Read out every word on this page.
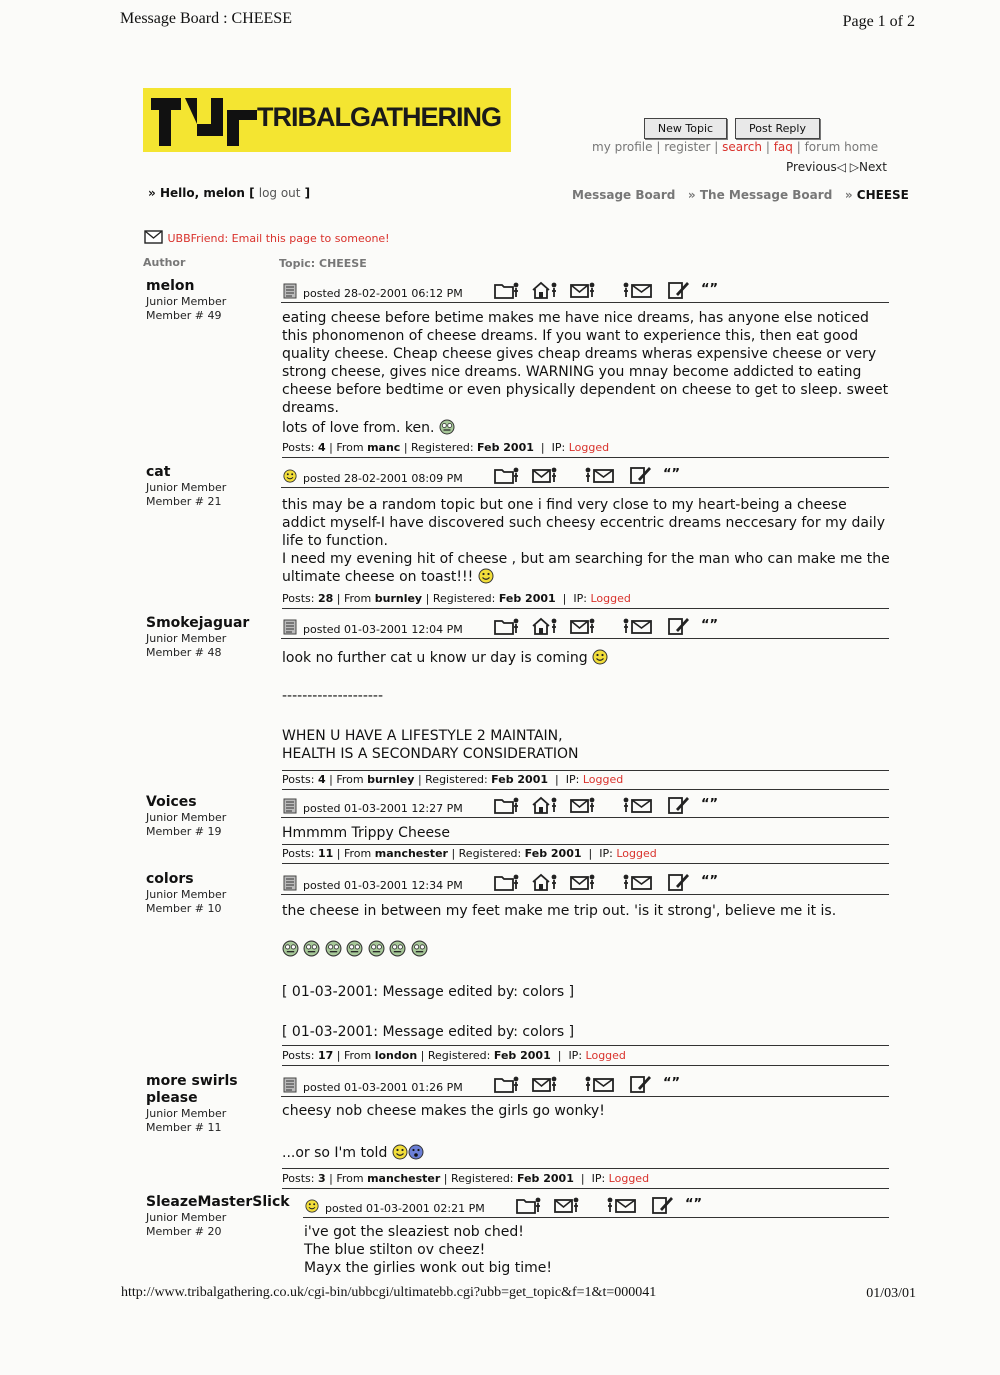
Message Board : CHEESE	Page 1 of 2
TRIBALGATHERING	New Topic	Post Reply
my profile | register | search | faq | forum home
Previous◁ ▷Next
» Hello, melon [ log out ]	Message Board » The Message Board » CHEESE
UBBFriend: Email this page to someone!
Author	Topic: CHEESE
melon
Junior Member
Member # 49
posted 28-02-2001 06:12 PM	“”

eating cheese before betime makes me have nice dreams, has anyone else noticed this phonomenon of cheese dreams. If you want to experience this, then eat good quality cheese. Cheap cheese gives cheap dreams wheras expensive cheese or very strong cheese, gives nice dreams. WARNING you mnay become addicted to eating cheese before bedtime or even physically dependent on cheese to get to sleep. sweet dreams.

lots of love from. ken.

Posts: 4 | From manc | Registered: Feb 2001  |  IP: Logged
cat
Junior Member
Member # 21
posted 28-02-2001 08:09 PM	“”

this may be a random topic but one i find very close to my heart-being a cheese addict myself-I have discovered such cheesy eccentric dreams neccesary for my daily life to function.

I need my evening hit of cheese , but am searching for the man who can make me the ultimate cheese on toast!!!

Posts: 28 | From burnley | Registered: Feb 2001  |  IP: Logged
Smokejaguar
Junior Member
Member # 48
posted 01-03-2001 12:04 PM	“”

look no further cat u know ur day is coming

--------------------

WHEN U HAVE A LIFESTYLE 2 MAINTAIN,

HEALTH IS A SECONDARY CONSIDERATION

Posts: 4 | From burnley | Registered: Feb 2001  |  IP: Logged
Voices
Junior Member
Member # 19
posted 01-03-2001 12:27 PM	“”

Hmmmm Trippy Cheese

Posts: 11 | From manchester | Registered: Feb 2001  |  IP: Logged
colors
Junior Member
Member # 10
posted 01-03-2001 12:34 PM	“”

the cheese in between my feet make me trip out. 'is it strong', believe me it is.

[ 01-03-2001: Message edited by: colors ]

[ 01-03-2001: Message edited by: colors ]

Posts: 17 | From london | Registered: Feb 2001  |  IP: Logged
more swirls please
Junior Member
Member # 11
posted 01-03-2001 01:26 PM	“”

cheesy nob cheese makes the girls go wonky!

...or so I'm told

Posts: 3 | From manchester | Registered: Feb 2001  |  IP: Logged
SleazeMasterSlick
Junior Member
Member # 20
posted 01-03-2001 02:21 PM	“”

i've got the sleaziest nob ched!

The blue stilton ov cheez!

Mayx the girlies wonk out big time!

http://www.tribalgathering.co.uk/cgi-bin/ubbcgi/ultimatebb.cgi?ubb=get_topic&f=1&t=000041	01/03/01
